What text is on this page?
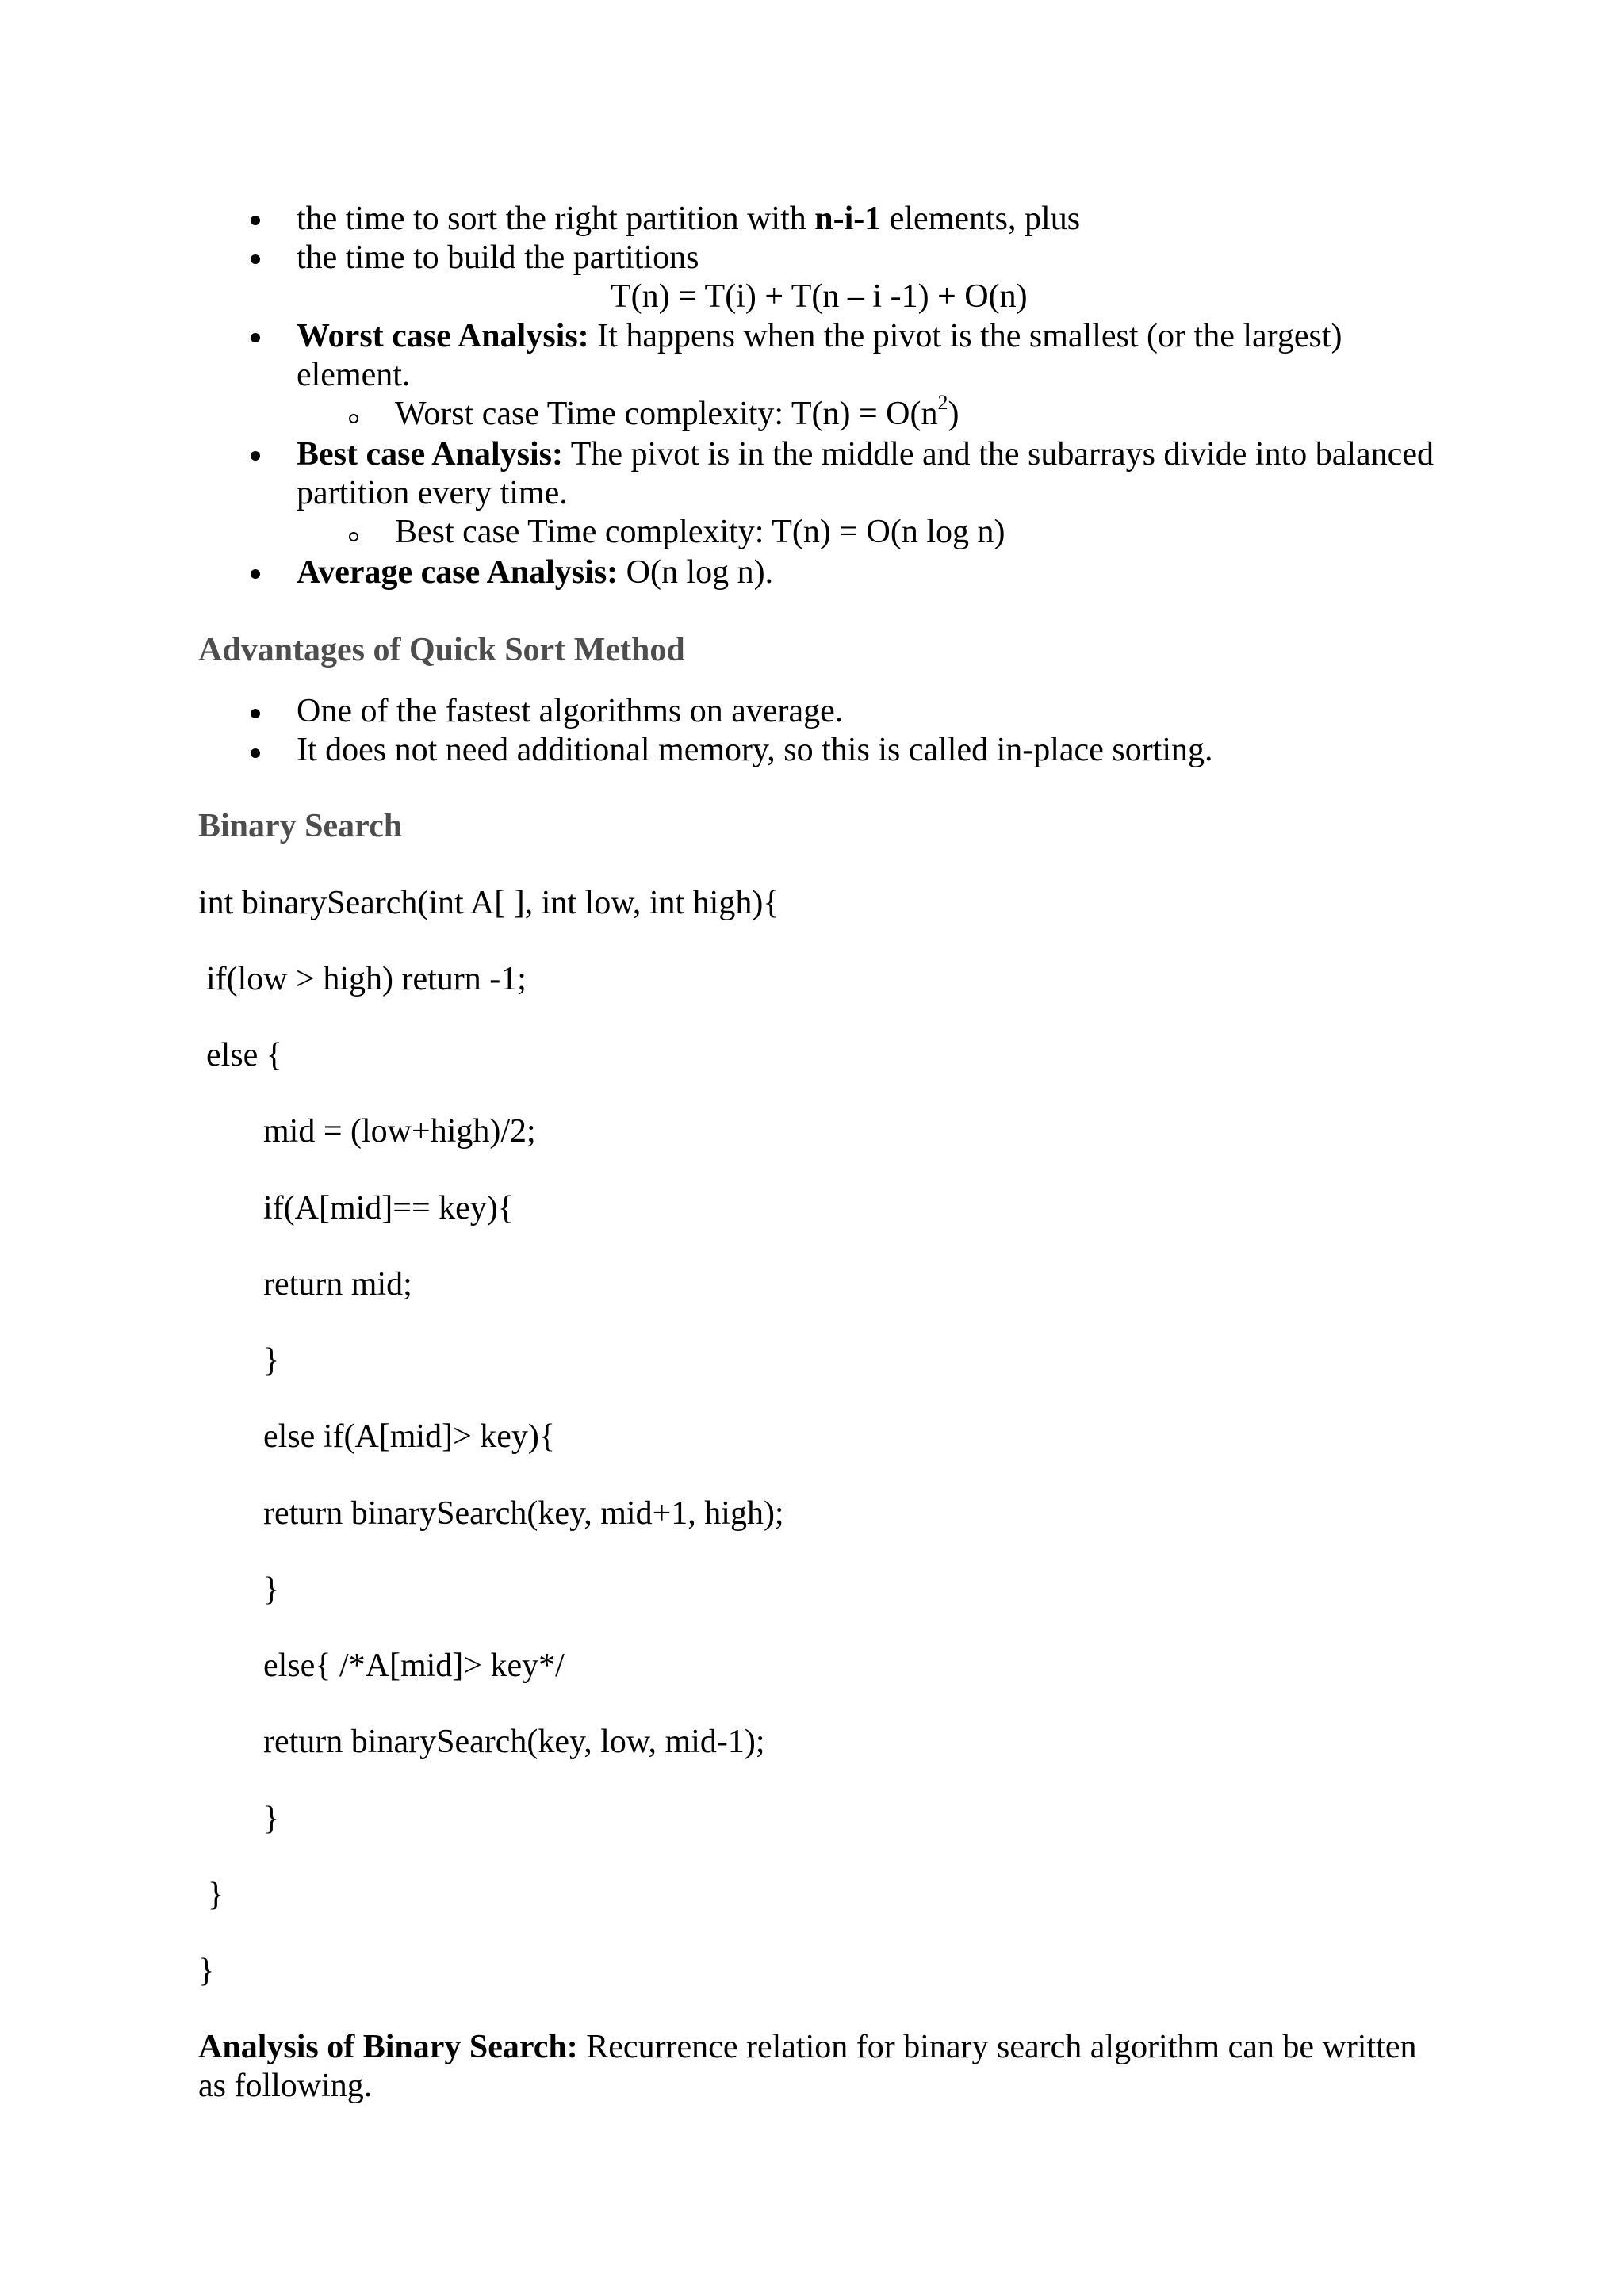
the time to sort the right partition with n-i-1 elements, plus
the time to build the partitions
T(n) = T(i) + T(n – i -1) + O(n)
Worst case Analysis: It happens when the pivot is the smallest (or the largest)
element.
Worst case Time complexity: $T(n) = O(n^2)$
Best case Analysis: The pivot is in the middle and the subarrays divide into balanced
partition every time.
Best case Time complexity: T(n) = O(n log n)
Average case Analysis: O(n log n).
Advantages of Quick Sort Method
One of the fastest algorithms on average.
It does not need additional memory, so this is called in-place sorting.
Binary Search
int binarySearch(int A[ ], int low, int high){
if(low > high) return -1;
else {
mid = (low+high)/2;
if(A[mid]== key){
return mid;
}
else if(A[mid]> key){
return binarySearch(key, mid+1, high);
}
else{ /*A[mid]> key*/
return binarySearch(key, low, mid-1);
}
}
}
Analysis of Binary Search: Recurrence relation for binary search algorithm can be written
as following.
